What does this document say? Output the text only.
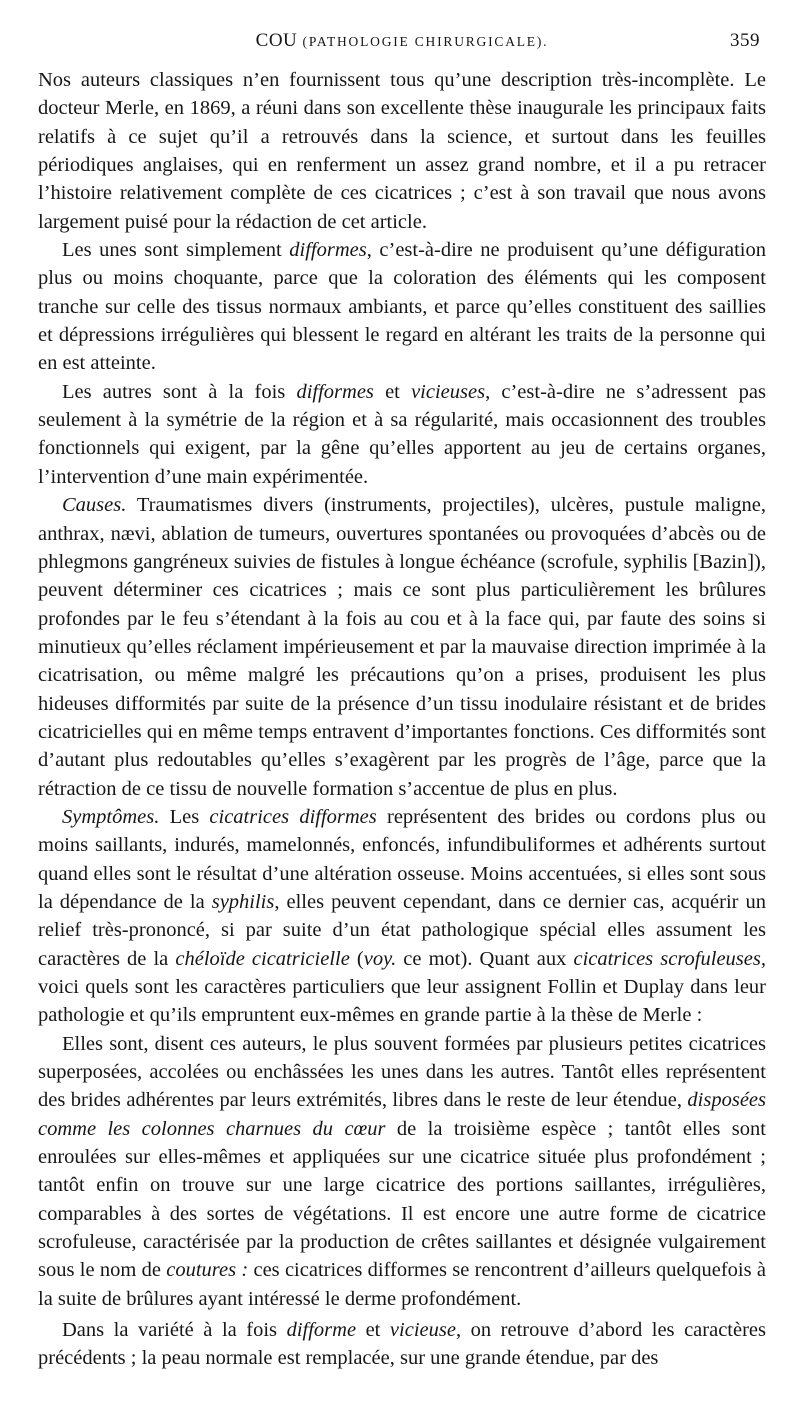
COU (PATHOLOGIE CHIRURGICALE).	359

Nos auteurs classiques n’en fournissent tous qu’une description très-incomplète. Le docteur Merle, en 1869, a réuni dans son excellente thèse inaugurale les principaux faits relatifs à ce sujet qu’il a retrouvés dans la science, et surtout dans les feuilles périodiques anglaises, qui en renferment un assez grand nombre, et il a pu retracer l’histoire relativement complète de ces cicatrices ; c’est à son travail que nous avons largement puisé pour la rédaction de cet article.

Les unes sont simplement difformes, c’est-à-dire ne produisent qu’une défiguration plus ou moins choquante, parce que la coloration des éléments qui les composent tranche sur celle des tissus normaux ambiants, et parce qu’elles constituent des saillies et dépressions irrégulières qui blessent le regard en altérant les traits de la personne qui en est atteinte.

Les autres sont à la fois difformes et vicieuses, c’est-à-dire ne s’adressent pas seulement à la symétrie de la région et à sa régularité, mais occasionnent des troubles fonctionnels qui exigent, par la gêne qu’elles apportent au jeu de certains organes, l’intervention d’une main expérimentée.

Causes. Traumatismes divers (instruments, projectiles), ulcères, pustule maligne, anthrax, nævi, ablation de tumeurs, ouvertures spontanées ou provoquées d’abcès ou de phlegmons gangréneux suivies de fistules à longue échéance (scrofule, syphilis [Bazin]), peuvent déterminer ces cicatrices ; mais ce sont plus particulièrement les brûlures profondes par le feu s’étendant à la fois au cou et à la face qui, par faute des soins si minutieux qu’elles réclament impérieusement et par la mauvaise direction imprimée à la cicatrisation, ou même malgré les précautions qu’on a prises, produisent les plus hideuses difformités par suite de la présence d’un tissu inodulaire résistant et de brides cicatricielles qui en même temps entravent d’importantes fonctions. Ces difformités sont d’autant plus redoutables qu’elles s’exagèrent par les progrès de l’âge, parce que la rétraction de ce tissu de nouvelle formation s’accentue de plus en plus.

Symptômes. Les cicatrices difformes représentent des brides ou cordons plus ou moins saillants, indurés, mamelonnés, enfoncés, infundibuliformes et adhérents surtout quand elles sont le résultat d’une altération osseuse. Moins accentuées, si elles sont sous la dépendance de la syphilis, elles peuvent cependant, dans ce dernier cas, acquérir un relief très-prononcé, si par suite d’un état pathologique spécial elles assument les caractères de la chéloïde cicatricielle (voy. ce mot). Quant aux cicatrices scrofuleuses, voici quels sont les caractères particuliers que leur assignent Follin et Duplay dans leur pathologie et qu’ils empruntent eux-mêmes en grande partie à la thèse de Merle :

Elles sont, disent ces auteurs, le plus souvent formées par plusieurs petites cicatrices superposées, accolées ou enchâssées les unes dans les autres. Tantôt elles représentent des brides adhérentes par leurs extrémités, libres dans le reste de leur étendue, disposées comme les colonnes charnues du cœur de la troisième espèce ; tantôt elles sont enroulées sur elles-mêmes et appliquées sur une cicatrice située plus profondément ; tantôt enfin on trouve sur une large cicatrice des portions saillantes, irrégulières, comparables à des sortes de végétations. Il est encore une autre forme de cicatrice scrofuleuse, caractérisée par la production de crêtes saillantes et désignée vulgairement sous le nom de coutures : ces cicatrices difformes se rencontrent d’ailleurs quelquefois à la suite de brûlures ayant intéressé le derme profondément.

Dans la variété à la fois difforme et vicieuse, on retrouve d’abord les caractères précédents ; la peau normale est remplacée, sur une grande étendue, par des
